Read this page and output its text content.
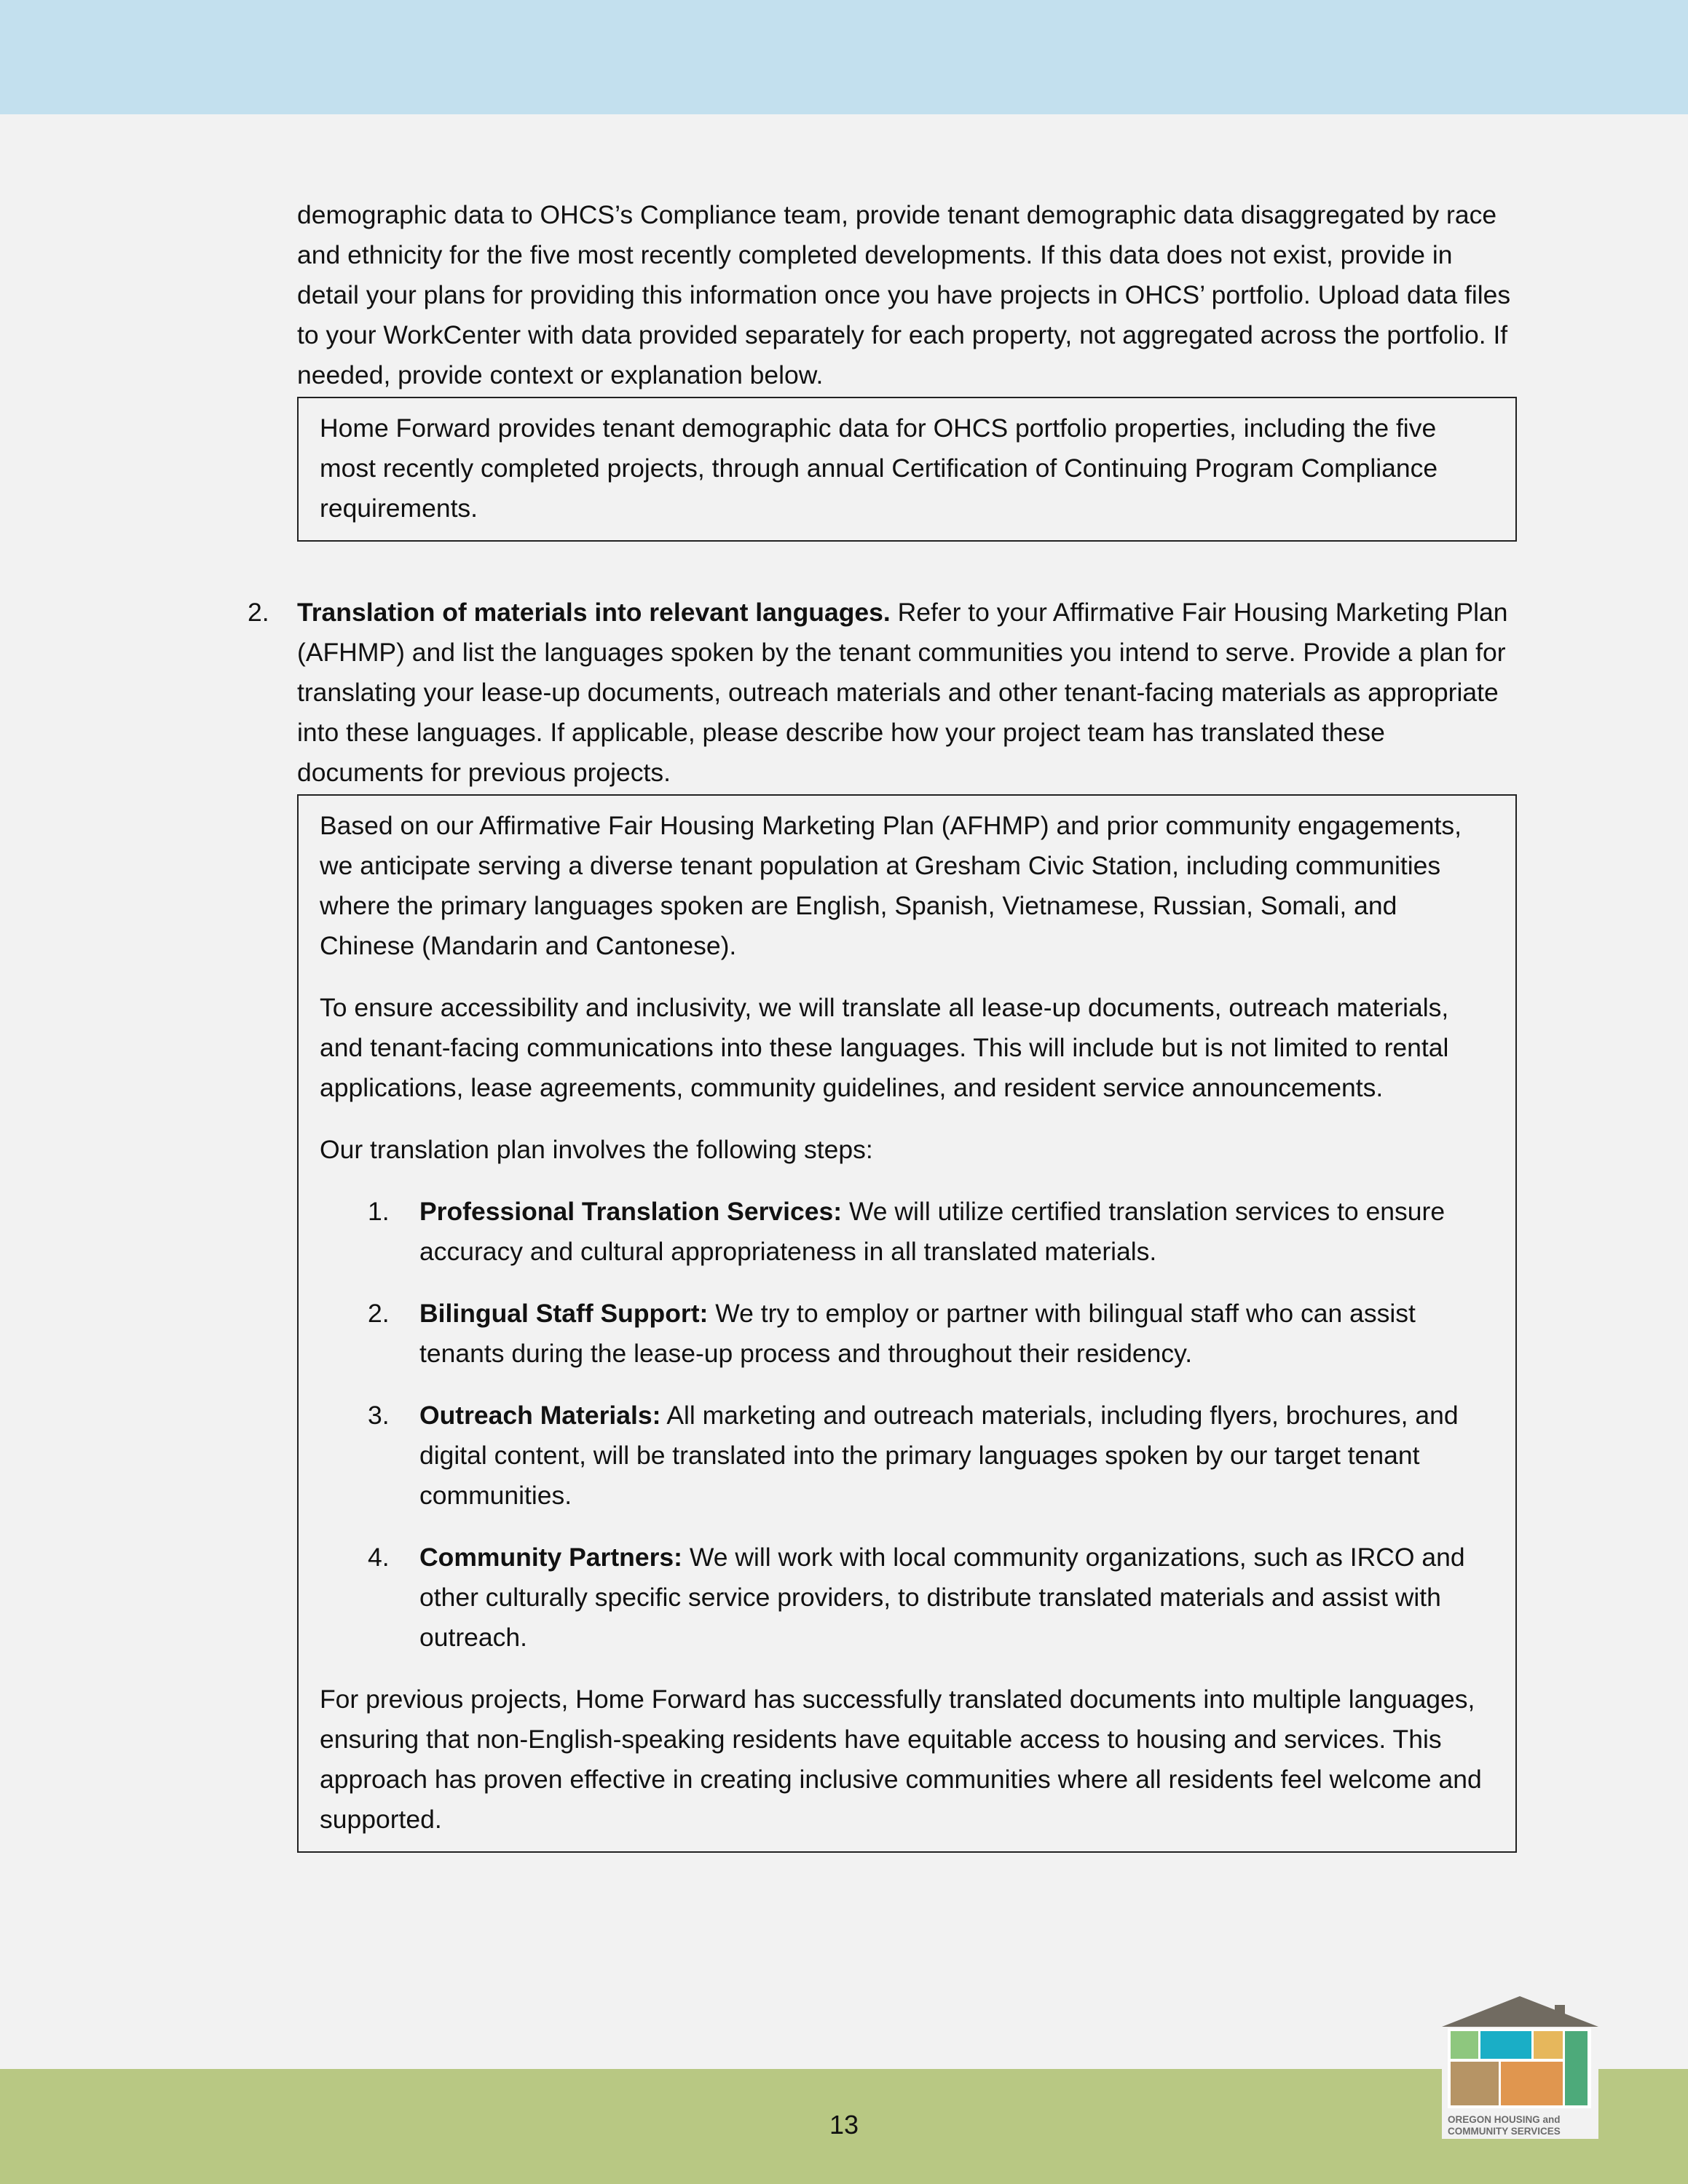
demographic data to OHCS’s Compliance team, provide tenant demographic data disaggregated by race and ethnicity for the five most recently completed developments. If this data does not exist, provide in detail your plans for providing this information once you have projects in OHCS’ portfolio. Upload data files to your WorkCenter with data provided separately for each property, not aggregated across the portfolio. If needed, provide context or explanation below.

Home Forward provides tenant demographic data for OHCS portfolio properties, including the five most recently completed projects, through annual Certification of Continuing Program Compliance requirements.

2. Translation of materials into relevant languages. Refer to your Affirmative Fair Housing Marketing Plan (AFHMP) and list the languages spoken by the tenant communities you intend to serve. Provide a plan for translating your lease-up documents, outreach materials and other tenant-facing materials as appropriate into these languages. If applicable, please describe how your project team has translated these documents for previous projects.

Based on our Affirmative Fair Housing Marketing Plan (AFHMP) and prior community engagements, we anticipate serving a diverse tenant population at Gresham Civic Station, including communities where the primary languages spoken are English, Spanish, Vietnamese, Russian, Somali, and Chinese (Mandarin and Cantonese).

To ensure accessibility and inclusivity, we will translate all lease-up documents, outreach materials, and tenant-facing communications into these languages. This will include but is not limited to rental applications, lease agreements, community guidelines, and resident service announcements.

Our translation plan involves the following steps:

1. Professional Translation Services: We will utilize certified translation services to ensure accuracy and cultural appropriateness in all translated materials.
2. Bilingual Staff Support: We try to employ or partner with bilingual staff who can assist tenants during the lease-up process and throughout their residency.
3. Outreach Materials: All marketing and outreach materials, including flyers, brochures, and digital content, will be translated into the primary languages spoken by our target tenant communities.
4. Community Partners: We will work with local community organizations, such as IRCO and other culturally specific service providers, to distribute translated materials and assist with outreach.

For previous projects, Home Forward has successfully translated documents into multiple languages, ensuring that non-English-speaking residents have equitable access to housing and services. This approach has proven effective in creating inclusive communities where all residents feel welcome and supported.

13	OREGON HOUSING and
COMMUNITY SERVICES
